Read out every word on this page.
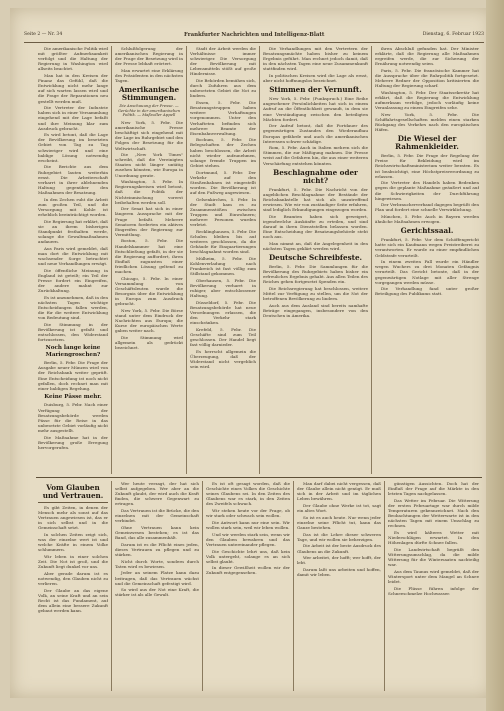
Seite 2 — Nr. 34	Frankfurter Nachrichten und Intelligenz-Blatt	Dienstag, 6. Februar 1923

Die amerikanische Politik wird mit größter Aufmerksamkeit verfolgt und die Haltung der Regierung in Washington wird allseits beachtet.

Man hat in den Kreisen der Finanz das Gefühl, daß die Entwicklung nicht mehr lange auf sich warten lassen wird und die Frage der Reparationen neu gestellt werden muß.

Die Vertreter der Industrie haben sich in einer Versammlung eingehend mit der Lage befaßt und ihre Meinung klar zum Ausdruck gebracht.

Es wird betont, daß die Lage der Bevölkerung im besetzten Gebiet von Tag zu Tag schwieriger wird und eine baldige Lösung notwendig erscheint.

Die Berichte aus dem Ruhrgebiet lauten weiterhin ernst. Die Arbeiterschaft verharrt in ihrer ablehnenden Haltung gegenüber den Maßnahmen der Besatzung.

In den Zechen ruht die Arbeit zum großen Teil, und die Versorgung mit Kohle ist erheblich beeinträchtigt worden.

Die Regierung hat erklärt, daß sie an ihrem bisherigen Standpunkt festhalten werde, solange die Gewaltmaßnahmen andauern.

Aus Paris wird gemeldet, daß man dort die Entwicklung mit wachsender Sorge betrachtet und neue Verhandlungen erwägt.

Die öffentliche Meinung in England ist geteilt; ein Teil der Presse fordert ein Eingreifen, der andere mahnt zur Zurückhaltung.

Es ist anzunehmen, daß in den nächsten Tagen wichtige Entscheidungen fallen werden, die für die weitere Entwicklung von Bedeutung sind.

Die Stimmung in der Bevölkerung ist gefaßt und entschlossen, den Widerstand fortzusetzen.

Noch lange keine Mariengroschen?

Berlin, 5. Febr. Die Frage der Ausgabe neuer Münzen wird von der Reichsbank weiter geprüft. Eine Entscheidung ist noch nicht gefallen, doch rechnet man mit einer baldigen Regelung.

Keine Pässe mehr.

Duisburg, 5. Febr. Nach einer Verfügung der Besatzungsbehörde werden Pässe für die Reise in das unbesetzte Gebiet vorläufig nicht mehr ausgestellt.

Die Maßnahme hat in der Bevölkerung große Erregung hervorgerufen.

Schlußfolgerung der amerikanischen Regierung in der Frage der Besetzung wird in der Presse lebhaft erörtert.

Man erwartet eine Erklärung des Präsidenten in den nächsten Tagen.

Amerikanische Stimmungen.
Die Anschauung der Presse. — Gerüchte in der amerikanischen Politik. — Maßvoller Appell

New York, 5. Febr. Die amerikanische Presse beschäftigt sich eingehend mit der Lage im Ruhrgebiet und den Folgen der Besetzung für die Weltwirtschaft.

Die „New York Times" schreibt, daß die Vereinigten Staaten nicht länger untätig zusehen könnten, wie Europa in Unordnung gerate.

Washington, 5. Febr. In Regierungskreisen wird betont, daß die Politik der Nichteinmischung vorerst beibehalten werden soll.

Der Senat hat sich in einer längeren Aussprache mit der Frage befaßt. Mehrere Senatoren forderten ein aktives Eingreifen der Regierung zur Vermittlung.

Boston, 5. Febr. Die Handelskammer hat eine Entschließung gefaßt, in der sie die Regierung auffordert, ihren Einfluß zugunsten einer friedlichen Lösung geltend zu machen.

Chicago, 5. Febr. In einer Versammlung von Geschäftsleuten wurde die Besorgnis über die Entwicklung in Europa zum Ausdruck gebracht.

New York, 5. Febr. Die Börse stand unter dem Eindruck der Nachrichten aus Europa; die Kurse der europäischen Werte gaben weiter nach.

Die Stimmung wird allgemein als gedrückt bezeichnet.

Stadt der Arbeit werden die Verhältnisse immer schwieriger. Die Versorgung der Bevölkerung mit Lebensmitteln stößt auf große Hindernisse.

Die Behörden bemühen sich, durch Zufuhren aus dem unbesetzten Gebiet die Not zu lindern.

Essen, 5. Febr. Die Besatzungstruppen haben weitere Verhaftungen vorgenommen. Unter den Verhafteten befinden sich mehrere Beamte der Eisenbahnverwaltung.

Bochum, 5. Febr. Die Belegschaften der Zechen haben beschlossen, die Arbeit nicht wieder aufzunehmen, solange fremde Truppen im Gebiet stehen.

Dortmund, 5. Febr. Der Verkehr auf den Straßenbahnen ist eingestellt worden. Die Bevölkerung ist auf den Fußweg angewiesen.

Gelsenkirchen, 5. Febr. In der Stadt kam es zu Zusammenstößen zwischen Truppen und Einwohnern; mehrere Personen wurden verletzt.

Recklinghausen, 5. Febr. Die Schulen bleiben bis auf weiteres geschlossen, da die Gebäude für Einquartierungen beschlagnahmt worden sind.

Mülheim, 5. Febr. Die Kohlenverladung nach Frankreich ist fast völlig zum Stillstand gekommen.

Oberhausen, 5. Febr. Die Bevölkerung verharrt in ruhiger, aber entschlossener Haltung.

Düsseldorf, 5. Febr. Die Besatzungsbehörde hat neue Verordnungen erlassen, die den Verkehr stark einschränken.

Krefeld, 5. Febr. Die Geschäfte sind zum Teil geschlossen. Der Handel liegt fast völlig darnieder.

Es herrscht allgemein die Überzeugung, daß der Widerstand nicht vergeblich sein wird.

Die Verhandlungen mit den Vertretern der Besatzungsmächte haben bisher zu keinem Ergebnis geführt. Man rechnet jedoch damit, daß in den nächsten Tagen eine neue Zusammenkunft stattfinden wird.

In politischen Kreisen wird die Lage als ernst, aber nicht hoffnungslos bezeichnet.

Stimmen der Vernunft.

New York, 5. Febr. (Funkspruch.) Eine Reihe angesehener Persönlichkeiten hat sich in einem Aufruf an die Öffentlichkeit gewandt, in dem sie eine Verständigung zwischen den beteiligten Mächten fordert.

Der Aufruf betont, daß die Fortdauer des gegenwärtigen Zustandes den Wiederaufbau Europas gefährde und auch die amerikanischen Interessen schwer schädige.

Rom, 5. Febr. Auch in Italien mehren sich die Stimmen, die zur Mäßigung mahnen. Die Presse weist auf die Gefahren hin, die aus einer weiteren Verschärfung entstehen könnten.

Beschlagnahme oder nicht?

Frankfurt, 5. Febr. Die Nachricht von der angeblichen Beschlagnahme der Bestände der Reichsbankstelle hat sich als unzutreffend erwiesen. Wie wir von zuständiger Seite erfahren, sind lediglich Erkundigungen eingezogen worden.

Die Beamten haben sich geweigert, irgendwelche Auskünfte zu erteilen, und sind darauf in ihren Dienststellen belassen worden. Eine Entscheidung der Besatzungsbehörde steht noch aus.

Man nimmt an, daß die Angelegenheit in den nächsten Tagen geklärt werden wird.

Deutsche Schreibfeste.

Berlin, 5. Febr. Die Sammlungen für die Bevölkerung des Ruhrgebiets haben bisher ein erfreuliches Ergebnis gehabt. Aus allen Teilen des Reiches gehen fortgesetzt Spenden ein.

Die Reichsregierung hat beschlossen, weitere Mittel zur Verfügung zu stellen, um die Not der betroffenen Bevölkerung zu lindern.

Auch aus dem Ausland sind bereits namhafte Beträge eingegangen, insbesondere von den Deutschen in Amerika.

ihren Abschluß gefunden hat. Der Minister erklärte, daß die Regierung alle Maßnahmen ergreifen werde, die zur Sicherung der Ernährung notwendig seien.

Paris, 5. Febr. Die französische Kammer hat die Aussprache über die Ruhrpolitik fortgesetzt. Mehrere Redner der Opposition kritisierten die Haltung der Regierung scharf.

Washington, 5. Febr. Der Staatssekretär hat erklärt, daß die Regierung die Entwicklung aufmerksam verfolge, jedoch vorläufig keine Veranlassung zu einem Eingreifen sehe.

New York, 5. Febr. Die Schiffahrtsgesellschaften melden einen starken Rückgang des Verkehrs nach den europäischen Häfen.

Die Wiesel der Rahmenkleider.

Berlin, 5. Febr. Die Frage der Regelung der Preise für Bekleidung wird im Reichswirtschaftsministerium weiter beraten. Es ist beabsichtigt, eine Höchstpreisverordnung zu erlassen.

Die Vertreter des Handels haben Bedenken gegen die geplante Maßnahme geäußert und auf die Schwierigkeiten der Durchführung hingewiesen.

Der Verbraucherverband dagegen begrüßt den Plan und fordert eine schnelle Verwirklichung.

München, 5. Febr. Auch in Bayern werden ähnliche Maßnahmen erwogen.

Gerichtssaal.

Frankfurt, 5. Febr. Vor dem Schöffengericht hatte sich ein Kaufmann wegen Preistreiberei zu verantworten. Er wurde zu einer empfindlichen Geldstrafe verurteilt.

In einem zweiten Fall wurde ein Händler wegen Wuchers zu drei Monaten Gefängnis verurteilt. Das Gericht betonte, daß in der gegenwärtigen Notlage mit aller Strenge vorgegangen werden müsse.

Die Verhandlung fand unter großer Beteiligung des Publikums statt.

Vom Glauben und Vertrauen.

Es gibt Zeiten, in denen der Mensch mehr als sonst auf das Vertrauen angewiesen ist, das er in sich selbst und in die Gemeinschaft setzt.

In solchen Zeiten zeigt sich, was der einzelne wert ist und welche Kräfte in einem Volke schlummern.

Wir leben in einer solchen Zeit. Die Not ist groß, und die Zukunft liegt dunkel vor uns.

Aber gerade darum ist es notwendig, den Glauben nicht zu verlieren.

Der Glaube an das eigene Volk, an seine Kraft und an sein Recht ist das Fundament, auf dem allein eine bessere Zukunft gebaut werden kann.

Wer heute verzagt, der hat sich selbst aufgegeben. Wer aber an die Zukunft glaubt, der wird auch die Kraft finden, die schwere Gegenwart zu ertragen.

Das Vertrauen ist die Brücke, die den einzelnen mit der Gemeinschaft verbindet.

Ohne Vertrauen kann kein Gemeinwesen bestehen; es ist das Band, das alle zusammenhält.

Darum ist es die Pflicht eines jeden, dieses Vertrauen zu pflegen und zu stärken.

Nicht durch Worte, sondern durch Taten wird es bewiesen.

Jeder an seinem Platze kann dazu beitragen, daß das Vertrauen wächst und die Gemeinschaft gefestigt wird.

So wird aus der Not eine Kraft, die stärker ist als alle Gewalt.

Es ist oft gesagt worden, daß die Geschichte eines Volkes die Geschichte seines Glaubens sei. In den Zeiten des Glaubens war es stark, in den Zeiten des Zweifels schwach.

Wir stehen heute vor der Frage, ob wir stark oder schwach sein wollen.

Die Antwort kann nur eine sein. Wir wollen stark sein, weil wir leben wollen.

Und wir werden stark sein, wenn wir den Glauben bewahren und das Vertrauen untereinander pflegen.

Die Geschichte lehrt uns, daß kein Volk untergeht, solange es an sich selbst glaubt.

In dieser Gewißheit wollen wir der Zukunft entgegensehen.

Man darf dabei nicht vergessen, daß der Glaube allein nicht genügt. Er muß sich in der Arbeit und im täglichen Leben bewähren.

Der Glaube ohne Werke ist tot, sagt ein altes Wort.

So ist es auch heute. Nur wenn jeder einzelne seine Pflicht tut, kann das Ganze bestehen.

Das ist die Lehre dieser schweren Tage, und wir wollen sie beherzigen.

Die Arbeit ist der beste Ausdruck des Glaubens an die Zukunft.

Wer arbeitet, der hofft; wer hofft, der lebt.

Darum laßt uns arbeiten und hoffen, damit wir leben.

günstigen Aussichten. Doch hat der Einfluß der Frage auf die Märkte in den letzten Tagen nachgelassen.

Das Wetter im Februar. Die Witterung der ersten Februartage war durch milde Temperaturen gekennzeichnet. Nach den Beobachtungen der Wetterwarte ist in den nächsten Tagen mit einem Umschlag zu rechnen.

Es wird kälteres Wetter mit Niederschlägen erwartet. In den Höhenlagen dürfte Schnee fallen.

Die Landwirtschaft begrüßt den Witterungsumschlag, da die milde Witterung für die Wintersaaten nachteilig war.

Aus dem Taunus wird gemeldet, daß der Wintersport unter dem Mangel an Schnee leidet.

Die Flüsse führen infolge der Schneeschmelze Hochwasser.
